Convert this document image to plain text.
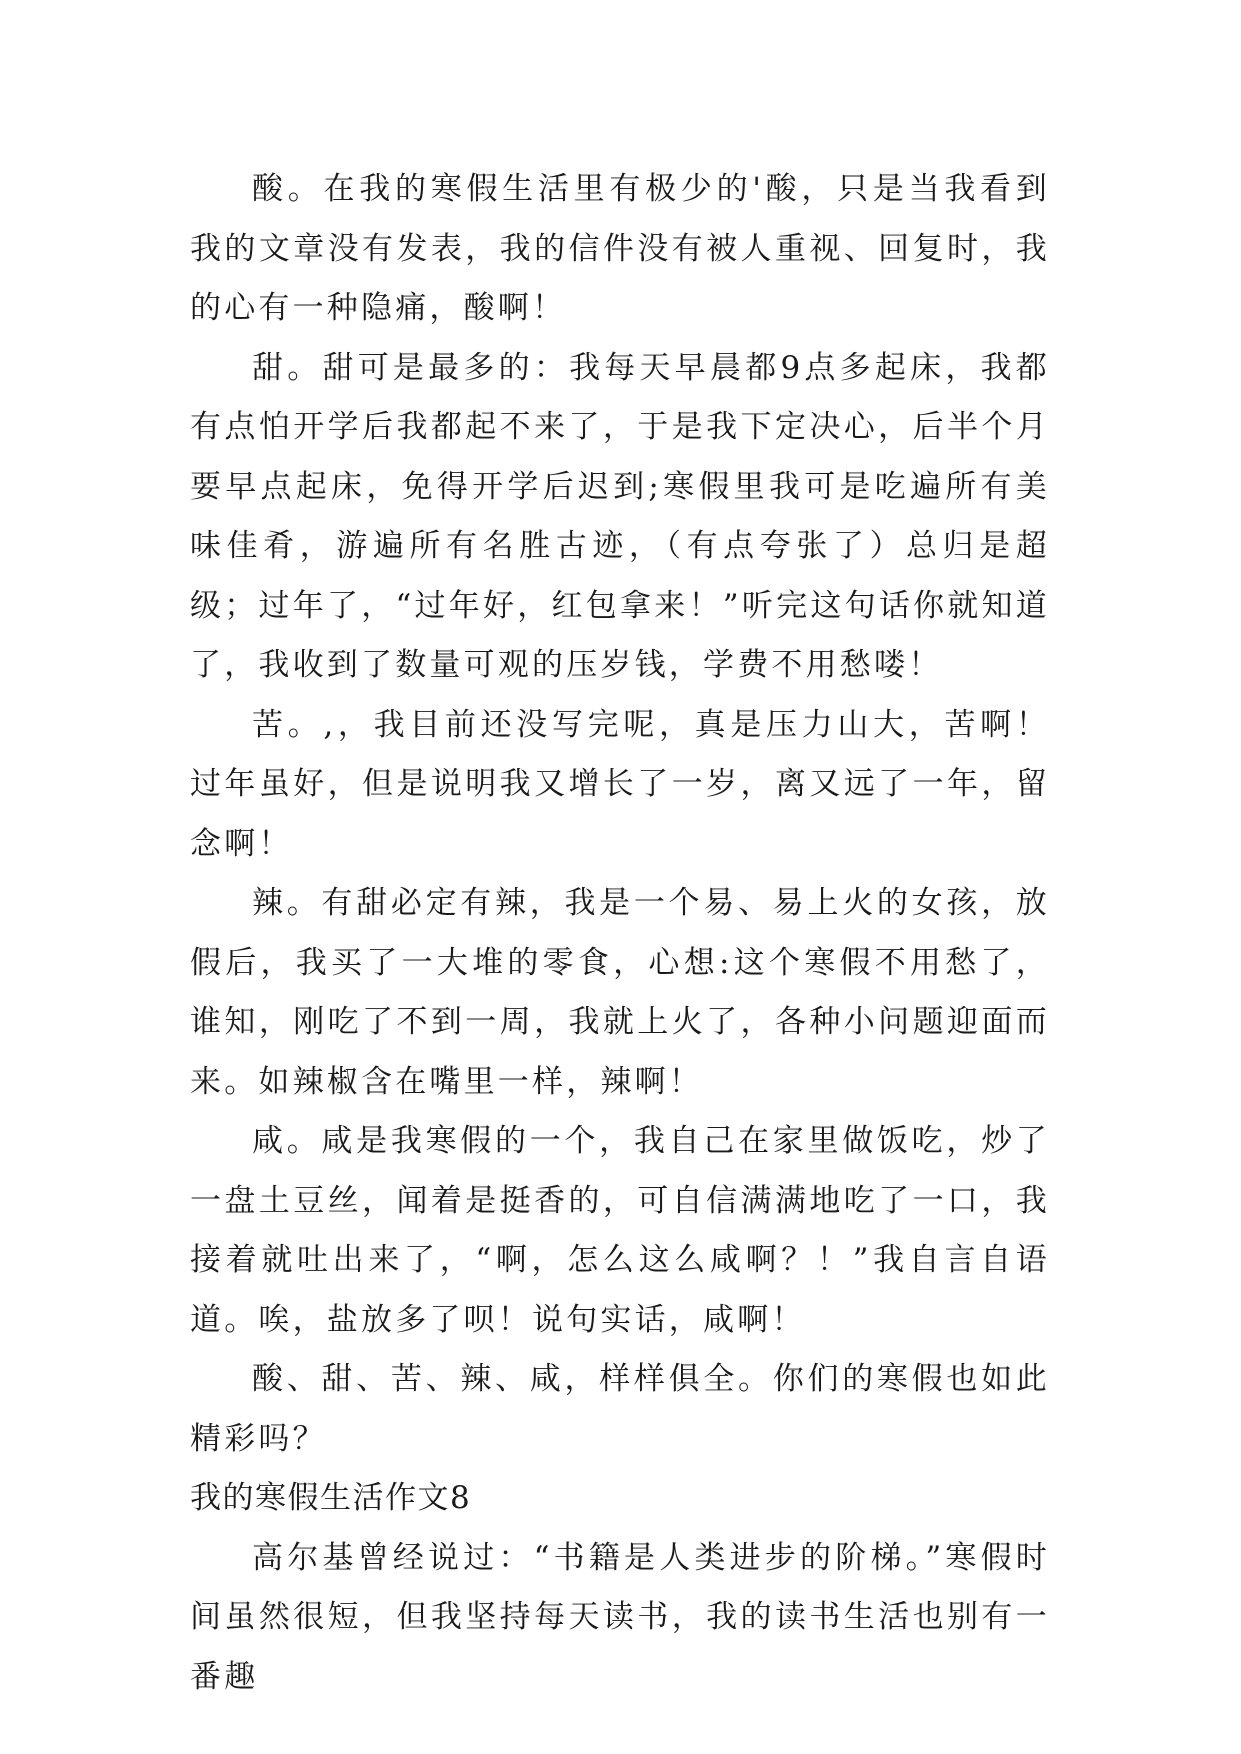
酸。在我的寒假生活里有极少的'酸，只是当我看到我的文章没有发表，我的信件没有被人重视、回复时，我的心有一种隐痛，酸啊！

甜。甜可是最多的：我每天早晨都9点多起床，我都有点怕开学后我都起不来了，于是我下定决心，后半个月要早点起床，免得开学后迟到;寒假里我可是吃遍所有美味佳肴，游遍所有名胜古迹，（有点夸张了）总归是超级；过年了，“过年好，红包拿来！”听完这句话你就知道了，我收到了数量可观的压岁钱，学费不用愁喽！

苦。,，我目前还没写完呢，真是压力山大，苦啊！过年虽好，但是说明我又增长了一岁，离又远了一年，留念啊！

辣。有甜必定有辣，我是一个易、易上火的女孩，放假后，我买了一大堆的零食，心想:这个寒假不用愁了，谁知，刚吃了不到一周，我就上火了，各种小问题迎面而来。如辣椒含在嘴里一样，辣啊！

咸。咸是我寒假的一个，我自己在家里做饭吃，炒了一盘土豆丝，闻着是挺香的，可自信满满地吃了一口，我接着就吐出来了，“啊，怎么这么咸啊？！”我自言自语道。唉，盐放多了呗！说句实话，咸啊！

酸、甜、苦、辣、咸，样样俱全。你们的寒假也如此精彩吗？

我的寒假生活作文8

高尔基曾经说过：“书籍是人类进步的阶梯。”寒假时间虽然很短，但我坚持每天读书，我的读书生活也别有一番趣
